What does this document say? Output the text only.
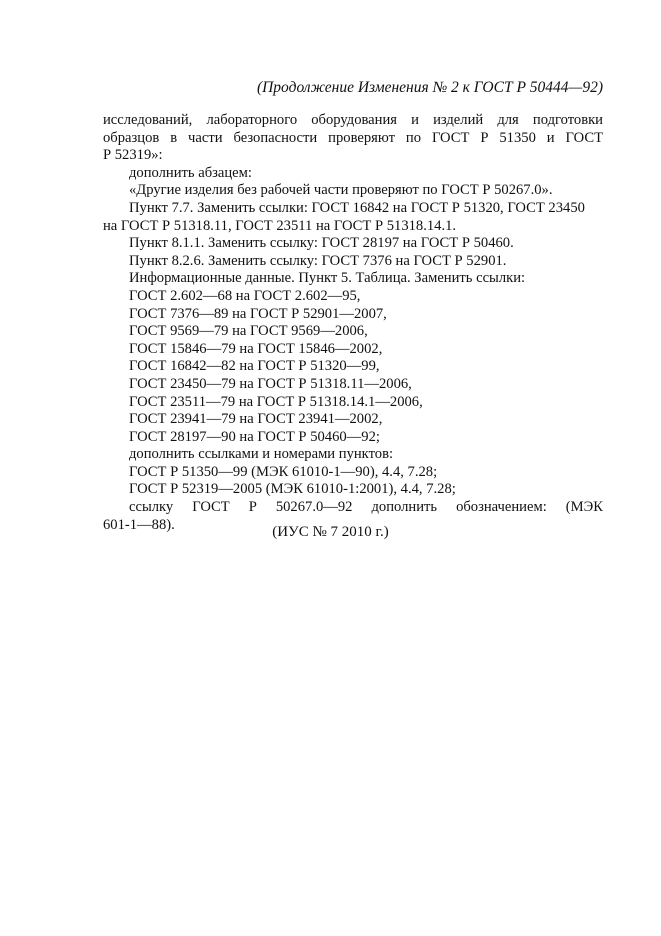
(Продолжение Изменения № 2 к ГОСТ Р 50444—92)
исследований, лабораторного оборудования и изделий для подготовки
образцов в части безопасности проверяют по ГОСТ Р 51350 и ГОСТ
Р 52319»:
дополнить абзацем:
«Другие изделия без рабочей части проверяют по ГОСТ Р 50267.0».
Пункт 7.7. Заменить ссылки: ГОСТ 16842 на ГОСТ Р 51320, ГОСТ 23450
на ГОСТ Р 51318.11, ГОСТ 23511 на ГОСТ Р 51318.14.1.
Пункт 8.1.1. Заменить ссылку: ГОСТ 28197 на ГОСТ Р 50460.
Пункт 8.2.6. Заменить ссылку: ГОСТ 7376 на ГОСТ Р 52901.
Информационные данные. Пункт 5. Таблица. Заменить ссылки:
ГОСТ 2.602—68 на ГОСТ 2.602—95,
ГОСТ 7376—89 на ГОСТ Р 52901—2007,
ГОСТ 9569—79 на ГОСТ 9569—2006,
ГОСТ 15846—79 на ГОСТ 15846—2002,
ГОСТ 16842—82 на ГОСТ Р 51320—99,
ГОСТ 23450—79 на ГОСТ Р 51318.11—2006,
ГОСТ 23511—79 на ГОСТ Р 51318.14.1—2006,
ГОСТ 23941—79 на ГОСТ 23941—2002,
ГОСТ 28197—90 на ГОСТ Р 50460—92;
дополнить ссылками и номерами пунктов:
ГОСТ Р 51350—99 (МЭК 61010-1—90), 4.4, 7.28;
ГОСТ Р 52319—2005 (МЭК 61010-1:2001), 4.4, 7.28;
ссылку ГОСТ Р 50267.0—92 дополнить обозначением: (МЭК
601-1—88).	(ИУС № 7 2010 г.)
